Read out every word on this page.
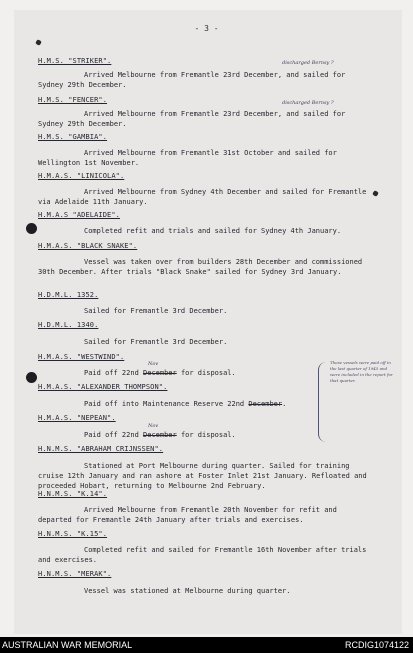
- 3 -
H.M.S. "STRIKER".	discharged Bernsy ?

Arrived Melbourne from Fremantle 23rd December, and sailed for Sydney 29th December.

H.M.S. "FENCER".	discharged Bernsy ?

Arrived Melbourne from Fremantle 23rd December, and sailed for Sydney 29th December.

H.M.S. "GAMBIA".

Arrived Melbourne from Fremantle 31st October and sailed for Wellington 1st November.

H.M.A.S. "LINICOLA".

Arrived Melbourne from Sydney 4th December and sailed for Fremantle via Adelaide 11th January.

H.M.A.S "ADELAIDE".

Completed refit and trials and sailed for Sydney 4th January.

H.M.A.S. "BLACK SNAKE".

Vessel was taken over from builders 28th December and commissioned 30th December. After trials "Black Snake" sailed for Sydney 3rd January.

H.D.M.L. 1352.

Sailed for Fremantle 3rd December.

H.D.M.L. 1340.

Sailed for Fremantle 3rd December.

H.M.A.S. "WESTWIND".
Nov

Paid off 22nd December for disposal.

H.M.A.S. "ALEXANDER THOMPSON".

Paid off into Maintenance Reserve 22nd December.

H.M.A.S. "NEPEAN".
Nov

Paid off 22nd December for disposal.

These vessels were paid off in the last quarter of 1945 and were included in the report for that quarter.
H.N.M.S. "ABRAHAM CRIJNSSEN".

Stationed at Port Melbourne during quarter. Sailed for training cruise 12th January and ran ashore at Foster Inlet 21st January. Refloated and proceeded Hobart, returning to Melbourne 2nd February.

H.N.M.S. "K.14".

Arrived Melbourne from Fremantle 20th November for refit and departed for Fremantle 24th January after trials and exercises.

H.N.M.S. "K.15".

Completed refit and sailed for Fremantle 16th November after trials and exercises.

H.N.M.S. "MERAK".

Vessel was stationed at Melbourne during quarter.

AUSTRALIAN WAR MEMORIAL	RCDIG1074122
